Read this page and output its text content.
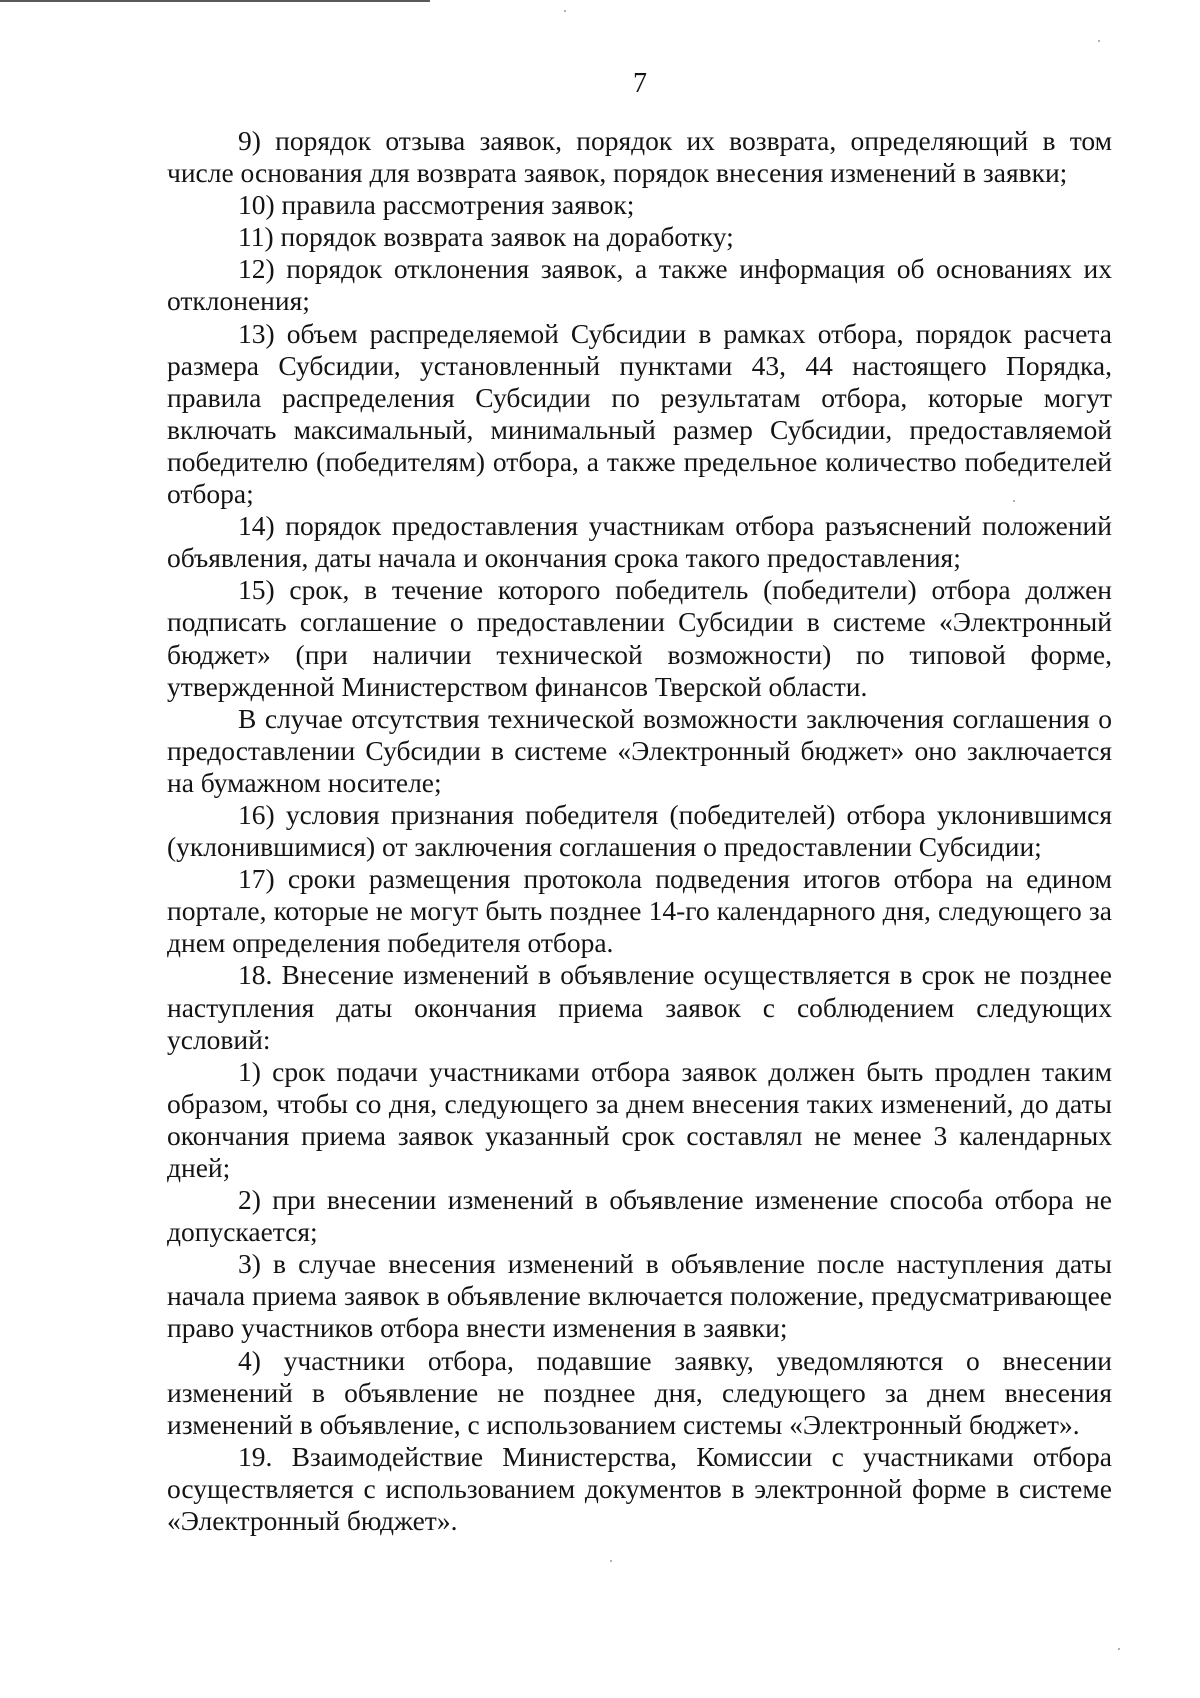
7

9) порядок отзыва заявок, порядок их возврата, определяющий в том числе основания для возврата заявок, порядок внесения изменений в заявки;

10) правила рассмотрения заявок;

11) порядок возврата заявок на доработку;

12) порядок отклонения заявок, а также информация об основаниях их отклонения;

13) объем распределяемой Субсидии в рамках отбора, порядок расчета размера Субсидии, установленный пунктами 43, 44 настоящего Порядка, правила распределения Субсидии по результатам отбора, которые могут включать максимальный, минимальный размер Субсидии, предоставляемой победителю (победителям) отбора, а также предельное количество победителей отбора;

14) порядок предоставления участникам отбора разъяснений положений объявления, даты начала и окончания срока такого предоставления;

15) срок, в течение которого победитель (победители) отбора должен подписать соглашение о предоставлении Субсидии в системе «Электронный бюджет» (при наличии технической возможности) по типовой форме, утвержденной Министерством финансов Тверской области.

В случае отсутствия технической возможности заключения соглашения о предоставлении Субсидии в системе «Электронный бюджет» оно заключается на бумажном носителе;

16) условия признания победителя (победителей) отбора уклонившимся (уклонившимися) от заключения соглашения о предоставлении Субсидии;

17) сроки размещения протокола подведения итогов отбора на едином портале, которые не могут быть позднее 14-го календарного дня, следующего за днем определения победителя отбора.

18. Внесение изменений в объявление осуществляется в срок не позднее наступления даты окончания приема заявок с соблюдением следующих условий:

1) срок подачи участниками отбора заявок должен быть продлен таким образом, чтобы со дня, следующего за днем внесения таких изменений, до даты окончания приема заявок указанный срок составлял не менее 3 календарных дней;

2) при внесении изменений в объявление изменение способа отбора не допускается;

3) в случае внесения изменений в объявление после наступления даты начала приема заявок в объявление включается положение, предусматривающее право участников отбора внести изменения в заявки;

4) участники отбора, подавшие заявку, уведомляются о внесении изменений в объявление не позднее дня, следующего за днем внесения изменений в объявление, с использованием системы «Электронный бюджет».

19. Взаимодействие Министерства, Комиссии с участниками отбора осуществляется с использованием документов в электронной форме в системе «Электронный бюджет».
